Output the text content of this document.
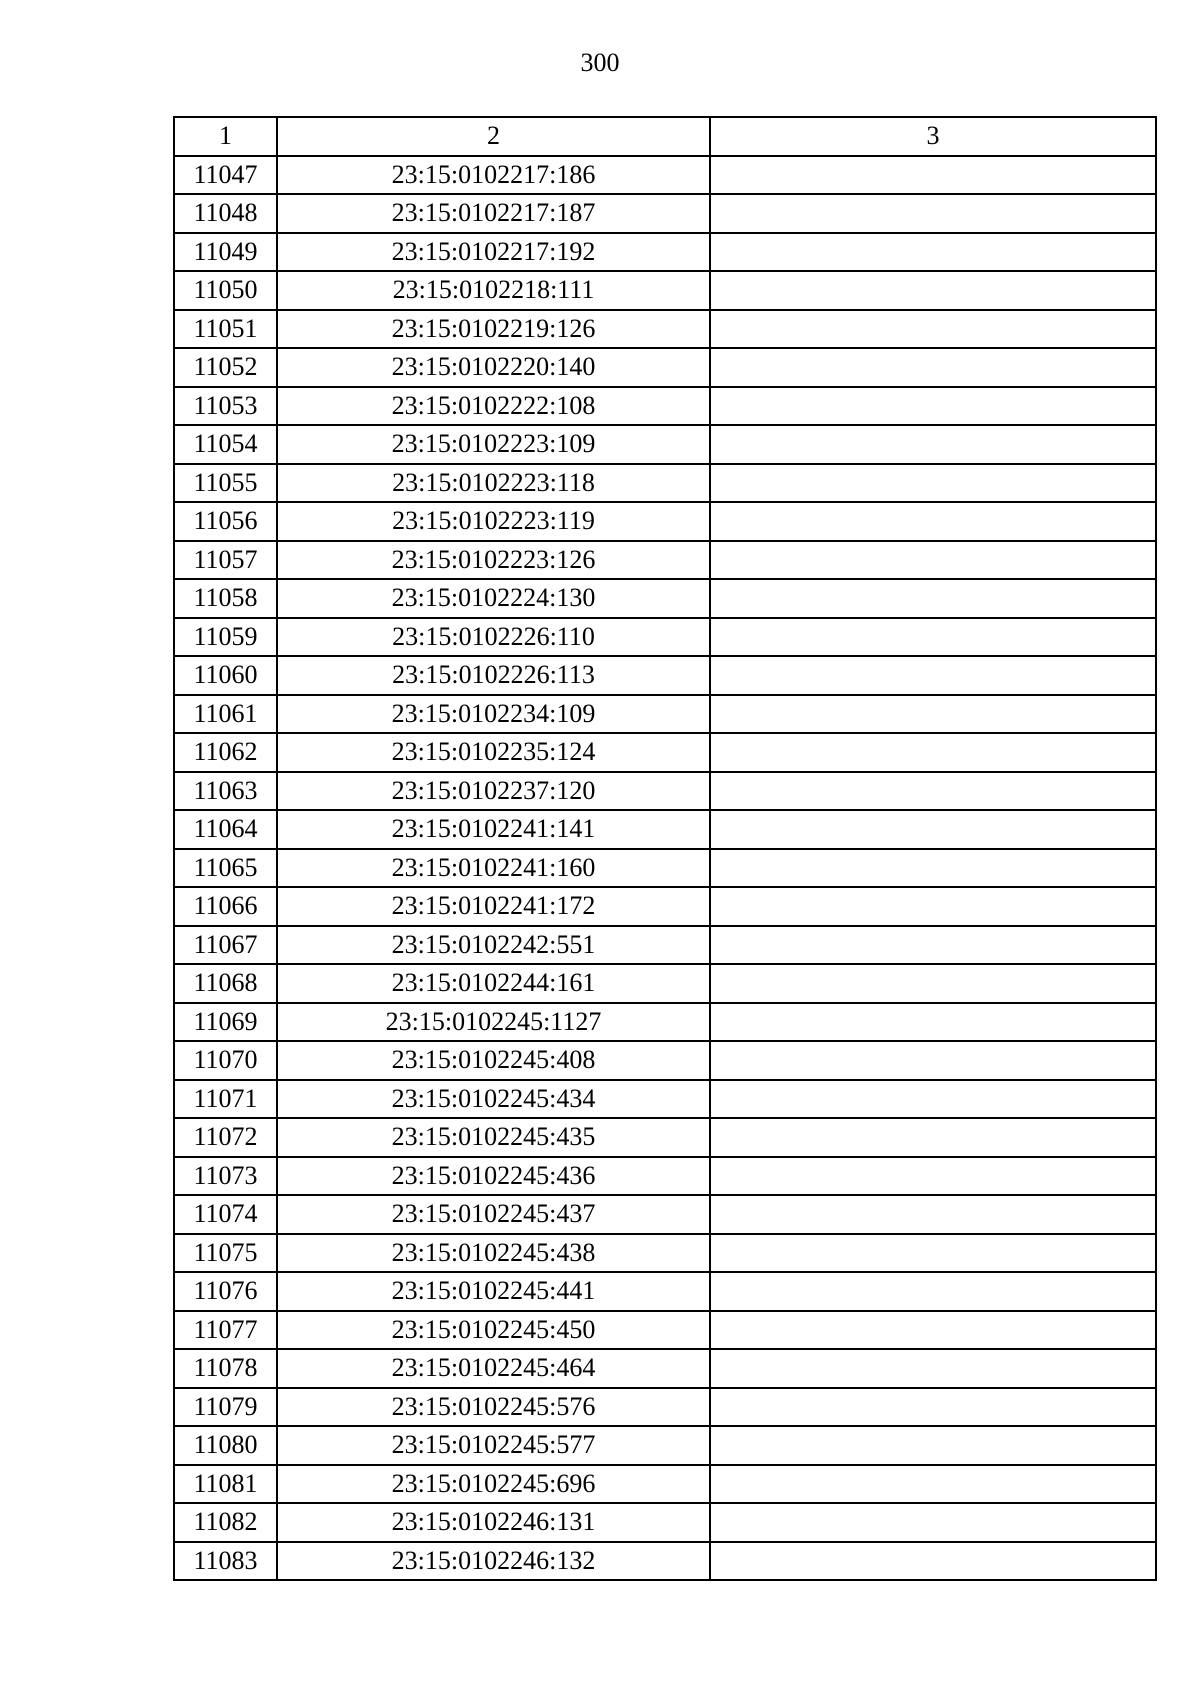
300
1	2	3
11047	23:15:0102217:186	
11048	23:15:0102217:187	
11049	23:15:0102217:192	
11050	23:15:0102218:111	
11051	23:15:0102219:126	
11052	23:15:0102220:140	
11053	23:15:0102222:108	
11054	23:15:0102223:109	
11055	23:15:0102223:118	
11056	23:15:0102223:119	
11057	23:15:0102223:126	
11058	23:15:0102224:130	
11059	23:15:0102226:110	
11060	23:15:0102226:113	
11061	23:15:0102234:109	
11062	23:15:0102235:124	
11063	23:15:0102237:120	
11064	23:15:0102241:141	
11065	23:15:0102241:160	
11066	23:15:0102241:172	
11067	23:15:0102242:551	
11068	23:15:0102244:161	
11069	23:15:0102245:1127	
11070	23:15:0102245:408	
11071	23:15:0102245:434	
11072	23:15:0102245:435	
11073	23:15:0102245:436	
11074	23:15:0102245:437	
11075	23:15:0102245:438	
11076	23:15:0102245:441	
11077	23:15:0102245:450	
11078	23:15:0102245:464	
11079	23:15:0102245:576	
11080	23:15:0102245:577	
11081	23:15:0102245:696	
11082	23:15:0102246:131	
11083	23:15:0102246:132	
